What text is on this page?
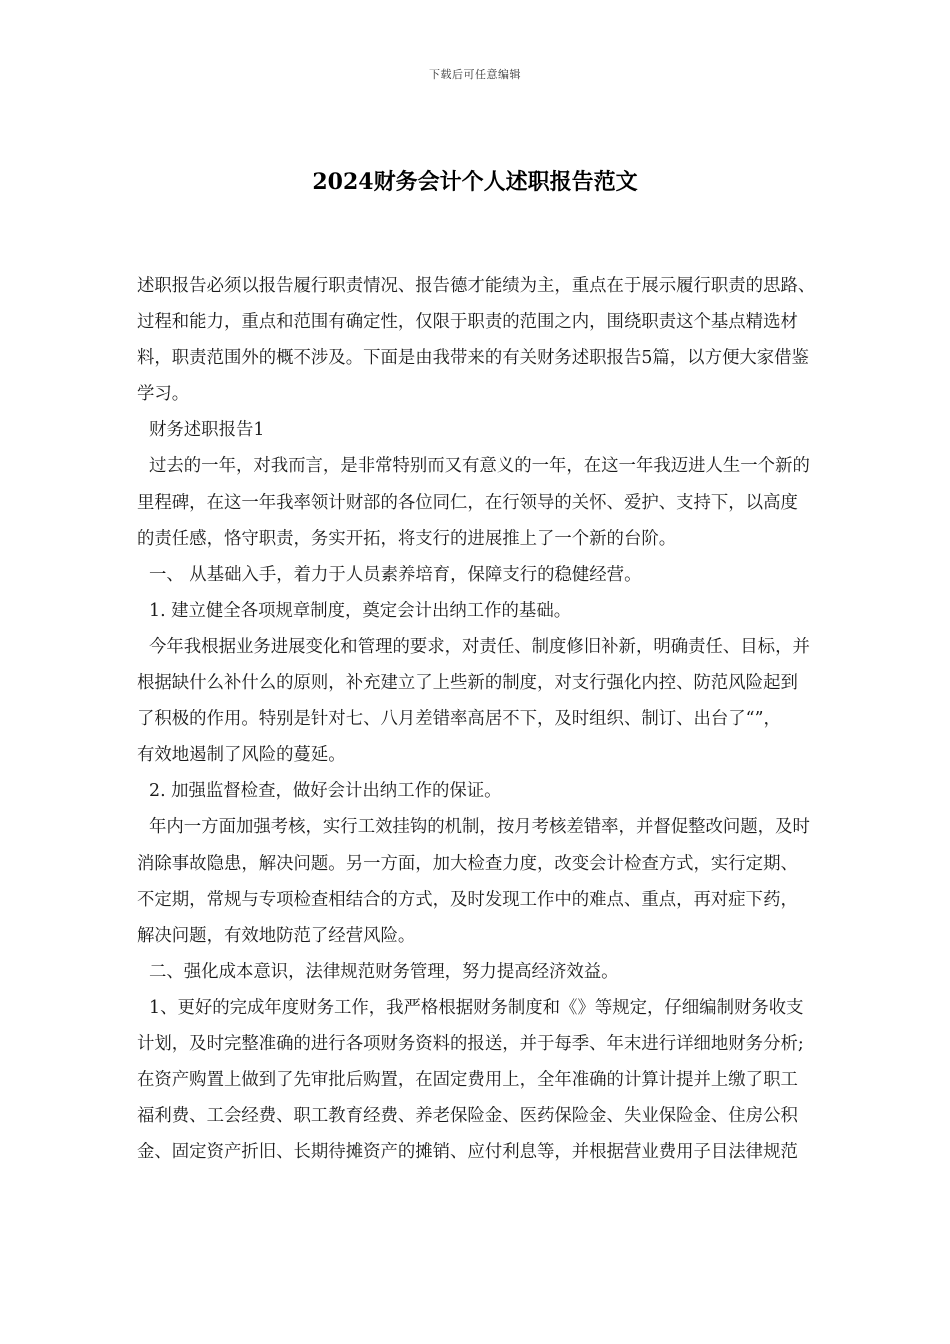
下载后可任意编辑
2024财务会计个人述职报告范文
述职报告必须以报告履行职责情况、报告德才能绩为主，重点在于展示履行职责的思路、
过程和能力，重点和范围有确定性，仅限于职责的范围之内，围绕职责这个基点精选材
料，职责范围外的概不涉及。下面是由我带来的有关财务述职报告5篇，以方便大家借鉴
学习。
财务述职报告1
过去的一年，对我而言，是非常特别而又有意义的一年，在这一年我迈进人生一个新的
里程碑，在这一年我率领计财部的各位同仁，在行领导的关怀、爱护、支持下，以高度
的责任感，恪守职责，务实开拓，将支行的进展推上了一个新的台阶。
一、 从基础入手，着力于人员素养培育，保障支行的稳健经营。
1. 建立健全各项规章制度，奠定会计出纳工作的基础。
今年我根据业务进展变化和管理的要求，对责任、制度修旧补新，明确责任、目标，并
根据缺什么补什么的原则，补充建立了上些新的制度，对支行强化内控、防范风险起到
了积极的作用。特别是针对七、八月差错率高居不下，及时组织、制订、出台了“”，
有效地遏制了风险的蔓延。
2. 加强监督检查，做好会计出纳工作的保证。
年内一方面加强考核，实行工效挂钩的机制，按月考核差错率，并督促整改问题，及时
消除事故隐患，解决问题。另一方面，加大检查力度，改变会计检查方式，实行定期、
不定期，常规与专项检查相结合的方式，及时发现工作中的难点、重点，再对症下药，
解决问题，有效地防范了经营风险。
二、强化成本意识，法律规范财务管理，努力提高经济效益。
1、更好的完成年度财务工作，我严格根据财务制度和《》等规定，仔细编制财务收支
计划，及时完整准确的进行各项财务资料的报送，并于每季、年末进行详细地财务分析;
在资产购置上做到了先审批后购置，在固定费用上，全年准确的计算计提并上缴了职工
福利费、工会经费、职工教育经费、养老保险金、医药保险金、失业保险金、住房公积
金、固定资产折旧、长期待摊资产的摊销、应付利息等，并根据营业费用子目法律规范
